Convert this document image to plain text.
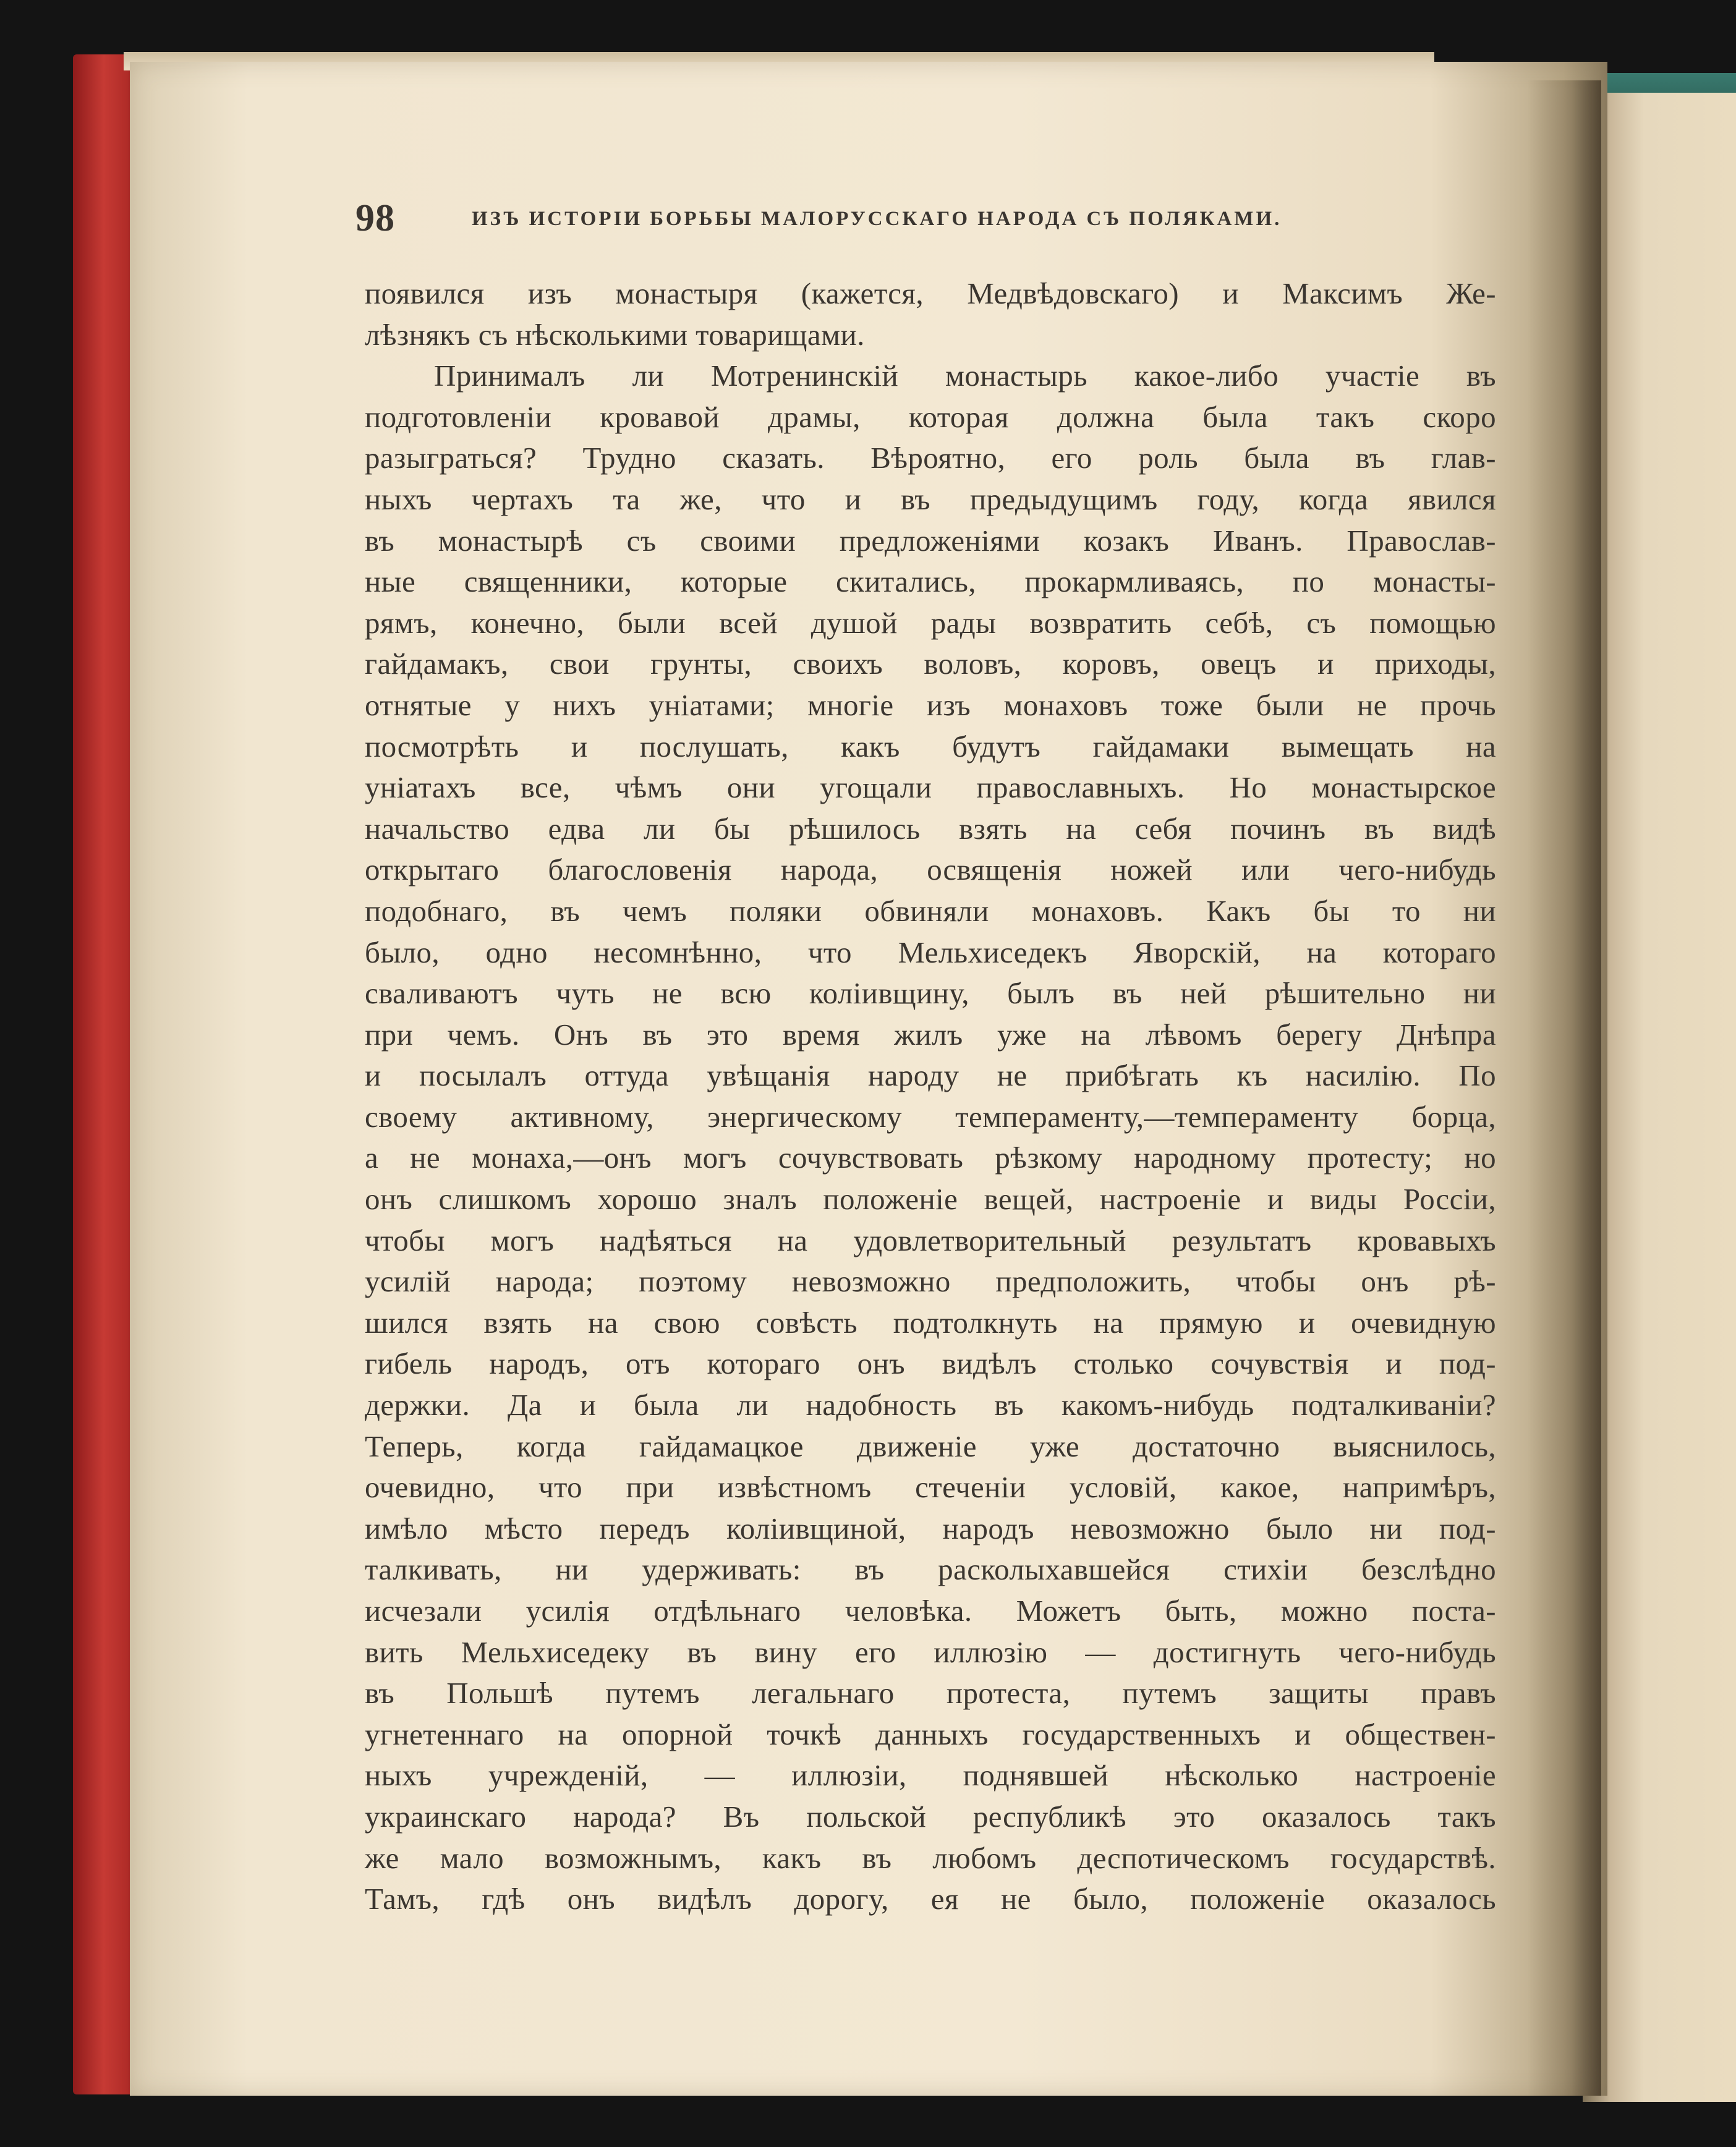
98	ИЗЪ ИСТОРІИ БОРЬБЫ МАЛОРУССКАГО НАРОДА СЪ ПОЛЯКАМИ.
появился изъ монастыря (кажется, Медвѣдовскаго) и Максимъ Же-
лѣзнякъ съ нѣсколькими товарищами.
Принималъ ли Мотренинскій монастырь какое-либо участіе въ
подготовленіи кровавой драмы, которая должна была такъ скоро
разыграться? Трудно сказать. Вѣроятно, его роль была въ глав-
ныхъ чертахъ та же, что и въ предыдущимъ году, когда явился
въ монастырѣ съ своими предложеніями козакъ Иванъ. Православ-
ные священники, которые скитались, прокармливаясь, по монасты-
рямъ, конечно, были всей душой рады возвратить себѣ, съ помощью
гайдамакъ, свои грунты, своихъ воловъ, коровъ, овецъ и приходы,
отнятые у нихъ уніатами; многіе изъ монаховъ тоже были не прочь
посмотрѣть и послушать, какъ будутъ гайдамаки вымещать на
уніатахъ все, чѣмъ они угощали православныхъ. Но монастырское
начальство едва ли бы рѣшилось взять на себя починъ въ видѣ
открытаго благословенія народа, освященія ножей или чего-нибудь
подобнаго, въ чемъ поляки обвиняли монаховъ. Какъ бы то ни
было, одно несомнѣнно, что Мельхиседекъ Яворскій, на котораго
сваливаютъ чуть не всю коліивщину, былъ въ ней рѣшительно ни
при чемъ. Онъ въ это время жилъ уже на лѣвомъ берегу Днѣпра
и посылалъ оттуда увѣщанія народу не прибѣгать къ насилію. По
своему активному, энергическому темпераменту,—темпераменту борца,
а не монаха,—онъ могъ сочувствовать рѣзкому народному протесту; но
онъ слишкомъ хорошо зналъ положеніе вещей, настроеніе и виды Россіи,
чтобы могъ надѣяться на удовлетворительный результатъ кровавыхъ
усилій народа; поэтому невозможно предположить, чтобы онъ рѣ-
шился взять на свою совѣсть подтолкнуть на прямую и очевидную
гибель народъ, отъ котораго онъ видѣлъ столько сочувствія и под-
держки. Да и была ли надобность въ какомъ-нибудь подталкиваніи?
Теперь, когда гайдамацкое движеніе уже достаточно выяснилось,
очевидно, что при извѣстномъ стеченіи условій, какое, напримѣръ,
имѣло мѣсто передъ коліивщиной, народъ невозможно было ни под-
талкивать, ни удерживать: въ расколыхавшейся стихіи безслѣдно
исчезали усилія отдѣльнаго человѣка. Можетъ быть, можно поста-
вить Мельхиседеку въ вину его иллюзію — достигнуть чего-нибудь
въ Польшѣ путемъ легальнаго протеста, путемъ защиты правъ
угнетеннаго на опорной точкѣ данныхъ государственныхъ и обществен-
ныхъ учрежденій, — иллюзіи, поднявшей нѣсколько настроеніе
украинскаго народа? Въ польской республикѣ это оказалось такъ
же мало возможнымъ, какъ въ любомъ деспотическомъ государствѣ.
Тамъ, гдѣ онъ видѣлъ дорогу, ея не было, положеніе оказалось
